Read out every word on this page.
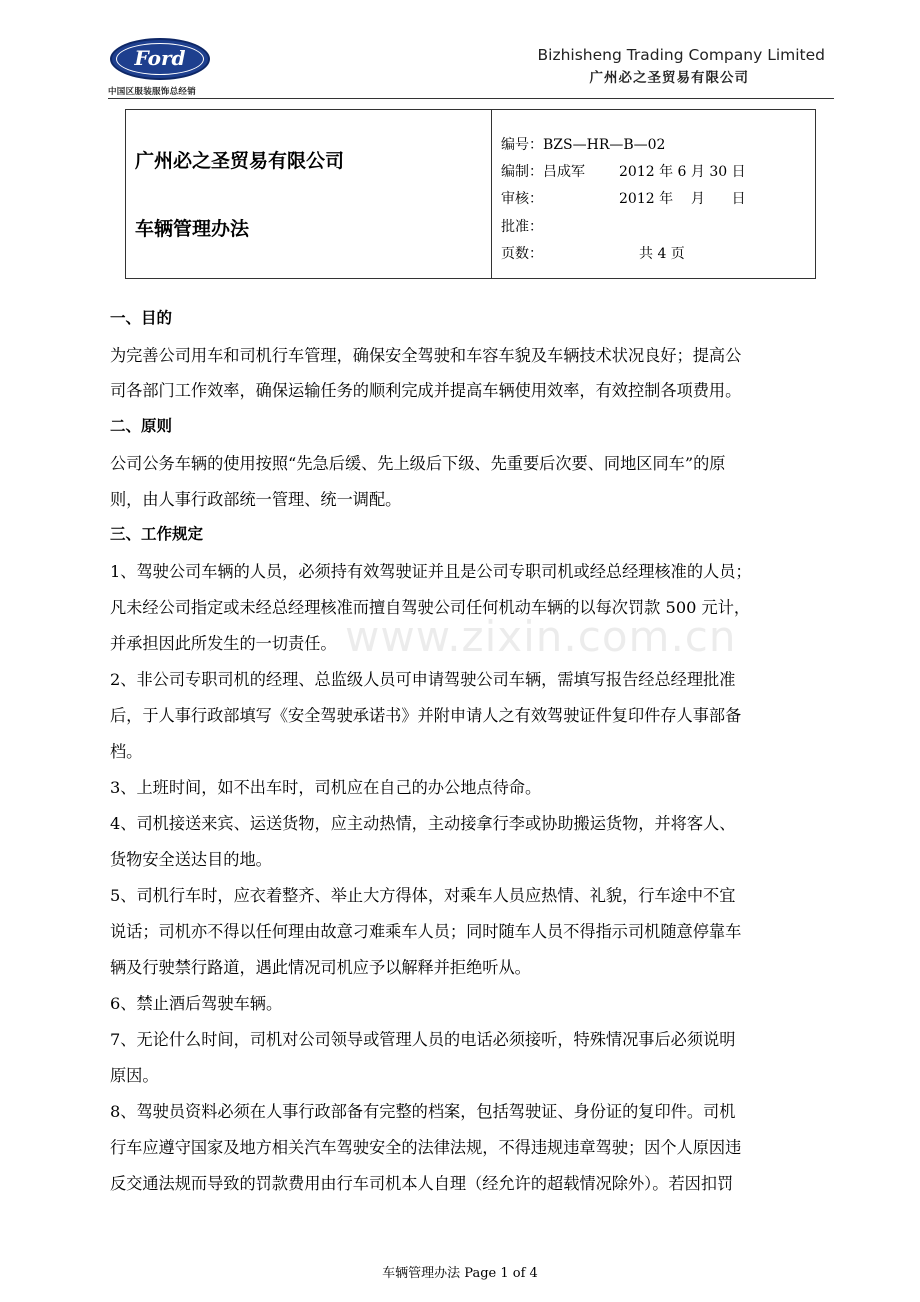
Ford
中国区服装服饰总经销
Bizhisheng Trading Company Limited
广州必之圣贸易有限公司
广州必之圣贸易有限公司
车辆管理办法
编号：BZS—HR—B—02
编制：吕成军 2012 年 6 月 30 日
审核：	2012 年    月      日
批准：
页数：	共 4 页
一、目的
为完善公司用车和司机行车管理，确保安全驾驶和车容车貌及车辆技术状况良好；提高公
司各部门工作效率，确保运输任务的顺利完成并提高车辆使用效率，有效控制各项费用。
二、原则
公司公务车辆的使用按照“先急后缓、先上级后下级、先重要后次要、同地区同车”的原
则，由人事行政部统一管理、统一调配。
三、工作规定
1、驾驶公司车辆的人员，必须持有效驾驶证并且是公司专职司机或经总经理核准的人员；
凡未经公司指定或未经总经理核准而擅自驾驶公司任何机动车辆的以每次罚款 500 元计，
并承担因此所发生的一切责任。
2、非公司专职司机的经理、总监级人员可申请驾驶公司车辆，需填写报告经总经理批准
后，于人事行政部填写《安全驾驶承诺书》并附申请人之有效驾驶证件复印件存人事部备
档。
3、上班时间，如不出车时，司机应在自己的办公地点待命。
4、司机接送来宾、运送货物，应主动热情，主动接拿行李或协助搬运货物，并将客人、
货物安全送达目的地。
5、司机行车时，应衣着整齐、举止大方得体，对乘车人员应热情、礼貌，行车途中不宜
说话；司机亦不得以任何理由故意刁难乘车人员；同时随车人员不得指示司机随意停靠车
辆及行驶禁行路道，遇此情况司机应予以解释并拒绝听从。
6、禁止酒后驾驶车辆。
7、无论什么时间，司机对公司领导或管理人员的电话必须接听，特殊情况事后必须说明
原因。
8、驾驶员资料必须在人事行政部备有完整的档案，包括驾驶证、身份证的复印件。司机
行车应遵守国家及地方相关汽车驾驶安全的法律法规，不得违规违章驾驶；因个人原因违
反交通法规而导致的罚款费用由行车司机本人自理（经允许的超载情况除外）。若因扣罚
www.zixin.com.cn
车辆管理办法 Page 1 of 4
